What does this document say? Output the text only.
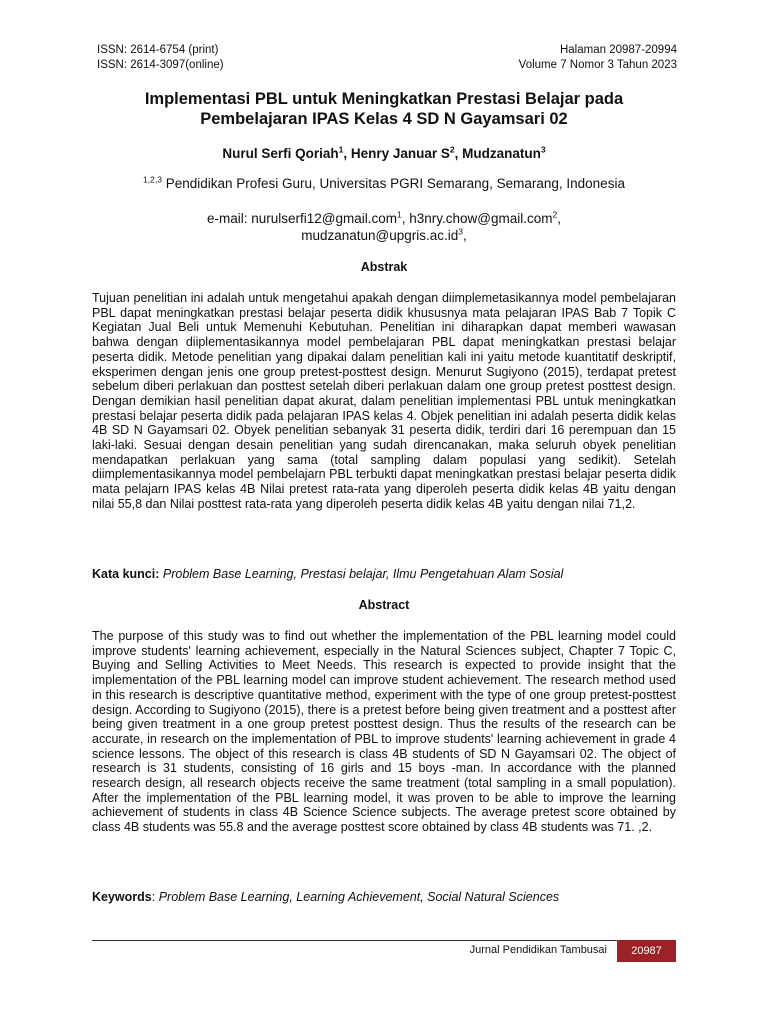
ISSN: 2614-6754 (print)
ISSN: 2614-3097(online)
Halaman 20987-20994
Volume 7 Nomor 3 Tahun 2023
Implementasi PBL untuk Meningkatkan Prestasi Belajar pada
Pembelajaran IPAS Kelas 4 SD N Gayamsari 02
Nurul Serfi Qoriah$^1$, Henry Januar $S^2$, Mudzanatun$^3$
$^{1,2,3}$ Pendidikan Profesi Guru, Universitas PGRI Semarang, Semarang, Indonesia
e-mail: nurulserfi12@gmail.com$^1$, h3nry.chow@gmail.com$^2$,
$mudzanatun@upgris.ac.id^3$,
Abstrak
Tujuan penelitian ini adalah untuk mengetahui apakah dengan diimplemetasikannya model pembelajaran PBL dapat meningkatkan prestasi belajar peserta didik khususnya mata pelajaran IPAS Bab 7 Topik C Kegiatan Jual Beli untuk Memenuhi Kebutuhan. Penelitian ini diharapkan dapat memberi wawasan bahwa dengan diiplementasikannya model pembelajaran PBL dapat meningkatkan prestasi belajar peserta didik. Metode penelitian yang dipakai dalam penelitian kali ini yaitu metode kuantitatif deskriptif, eksperimen dengan jenis one group pretest-posttest design. Menurut Sugiyono (2015), terdapat pretest sebelum diberi perlakuan dan posttest setelah diberi perlakuan dalam one group pretest posttest design. Dengan demikian hasil penelitian dapat akurat, dalam penelitian implementasi PBL untuk meningkatkan prestasi belajar peserta didik pada pelajaran IPAS kelas 4. Objek penelitian ini adalah peserta didik kelas 4B SD N Gayamsari 02. Obyek penelitian sebanyak 31 peserta didik, terdiri dari 16 perempuan dan 15 laki-laki. Sesuai dengan desain penelitian yang sudah direncanakan, maka seluruh obyek penelitian mendapatkan perlakuan yang sama (total sampling dalam populasi yang sedikit). Setelah diimplementasikannya model pembelajarn PBL terbukti dapat meningkatkan prestasi belajar peserta didik mata pelajarn IPAS kelas 4B Nilai pretest rata-rata yang diperoleh peserta didik kelas 4B yaitu dengan nilai 55,8 dan Nilai posttest rata-rata yang diperoleh peserta didik kelas 4B yaitu dengan nilai 71,2.
Kata kunci: Problem Base Learning, Prestasi belajar, Ilmu Pengetahuan Alam Sosial
Abstract
The purpose of this study was to find out whether the implementation of the PBL learning model could improve students' learning achievement, especially in the Natural Sciences subject, Chapter 7 Topic C, Buying and Selling Activities to Meet Needs. This research is expected to provide insight that the implementation of the PBL learning model can improve student achievement. The research method used in this research is descriptive quantitative method, experiment with the type of one group pretest-posttest design. According to Sugiyono (2015), there is a pretest before being given treatment and a posttest after being given treatment in a one group pretest posttest design. Thus the results of the research can be accurate, in research on the implementation of PBL to improve students' learning achievement in grade 4 science lessons. The object of this research is class 4B students of SD N Gayamsari 02. The object of research is 31 students, consisting of 16 girls and 15 boys -man. In accordance with the planned research design, all research objects receive the same treatment (total sampling in a small population). After the implementation of the PBL learning model, it was proven to be able to improve the learning achievement of students in class 4B Science Science subjects. The average pretest score obtained by class 4B students was 55.8 and the average posttest score obtained by class 4B students was 71. ,2.
Keywords: Problem Base Learning, Learning Achievement, Social Natural Sciences
Jurnal Pendidikan Tambusai	20987
